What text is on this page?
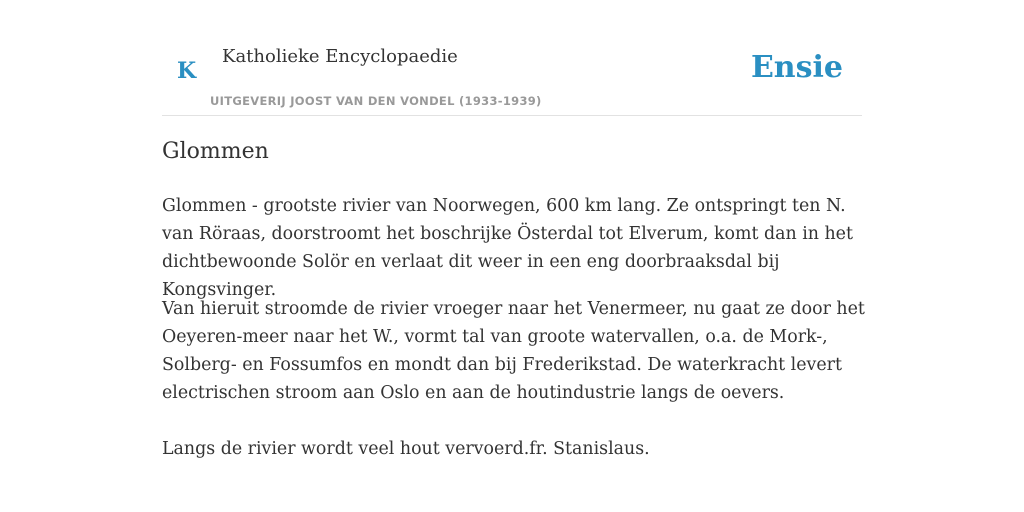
K
Katholieke Encyclopaedie
UITGEVERIJ JOOST VAN DEN VONDEL (1933-1939)
Ensie
Glommen

Glommen - grootste rivier van Noorwegen, 600 km lang. Ze ontspringt ten N. van Röraas, doorstroomt het boschrijke Österdal tot Elverum, komt dan in het dichtbewoonde Solör en verlaat dit weer in een eng doorbraaksdal bij Kongsvinger.

Van hieruit stroomde de rivier vroeger naar het Venermeer, nu gaat ze door het Oeyeren-meer naar het W., vormt tal van groote watervallen, o.a. de Mork-, Solberg- en Fossumfos en mondt dan bij Frederikstad. De waterkracht levert electrischen stroom aan Oslo en aan de houtindustrie langs de oevers.

Langs de rivier wordt veel hout vervoerd.fr. Stanislaus.
